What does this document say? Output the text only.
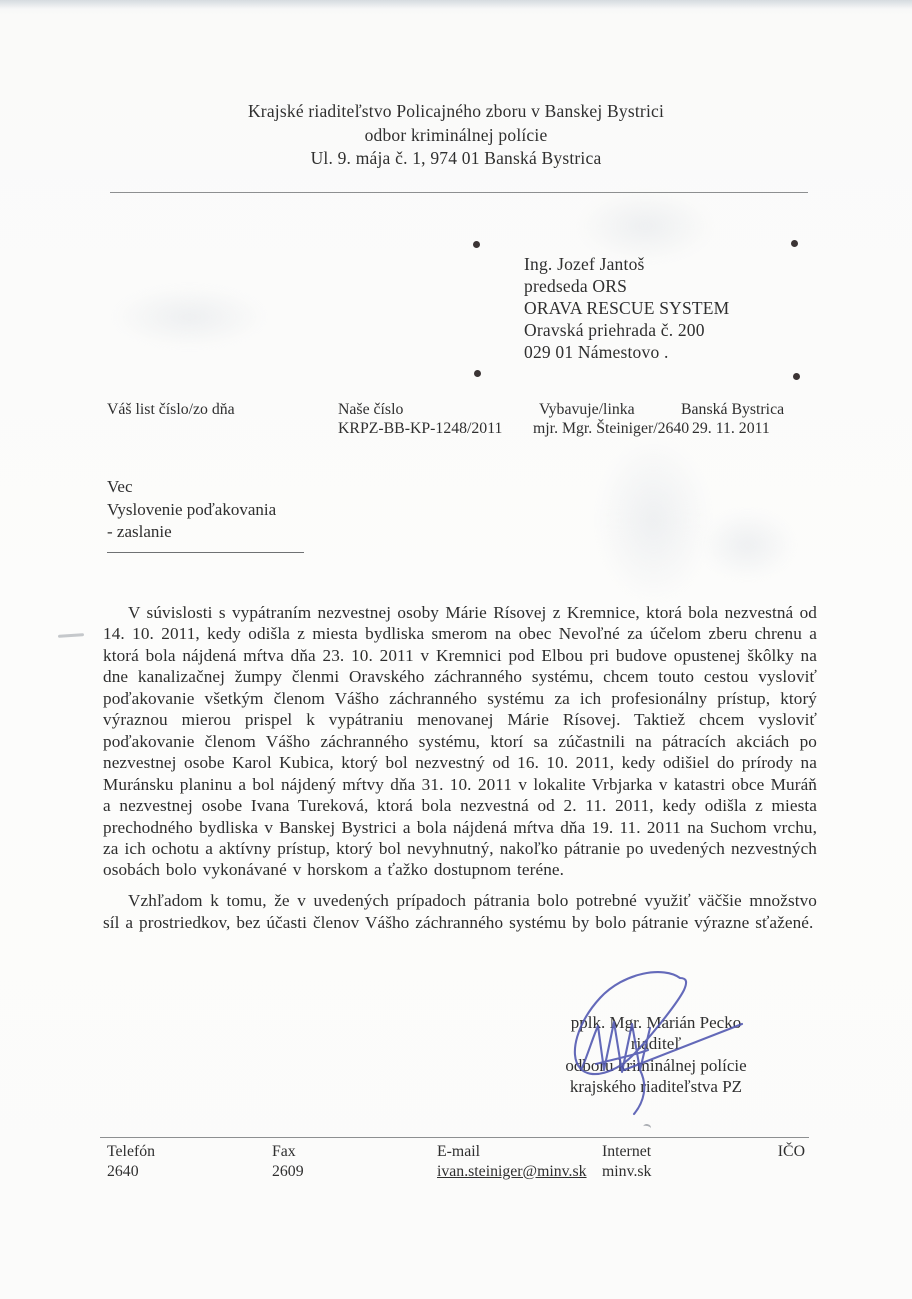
Krajské riaditeľstvo Policajného zboru v Banskej Bystrici
odbor kriminálnej polície
Ul. 9. mája č. 1, 974 01 Banská Bystrica
Ing. Jozef Jantoš
predseda ORS
ORAVA RESCUE SYSTEM
Oravská priehrada č. 200
029 01 Námestovo .
Váš list číslo/zo dňa	Naše číslo
KRPZ-BB-KP-1248/2011
Vybavuje/linka
mjr. Mgr. Šteiniger/2640
Banská Bystrica
29. 11. 2011
Vec
Vyslovenie poďakovania
- zaslanie

V súvislosti s vypátraním nezvestnej osoby Márie Rísovej z Kremnice, ktorá bola nezvestná od 14. 10. 2011, kedy odišla z miesta bydliska smerom na obec Nevoľné za účelom zberu chrenu a ktorá bola nájdená mŕtva dňa 23. 10. 2011 v Kremnici pod Elbou pri budove opustenej škôlky na dne kanalizačnej žumpy členmi Oravského záchranného systému, chcem touto cestou vysloviť poďakovanie všetkým členom Vášho záchranného systému za ich profesionálny prístup, ktorý výraznou mierou prispel k vypátraniu menovanej Márie Rísovej. Taktiež chcem vysloviť poďakovanie členom Vášho záchranného systému, ktorí sa zúčastnili na pátracích akciách po nezvestnej osobe Karol Kubica, ktorý bol nezvestný od 16. 10. 2011, kedy odišiel do prírody na Muránsku planinu a bol nájdený mŕtvy dňa 31. 10. 2011 v lokalite Vrbjarka v katastri obce Muráň a nezvestnej osobe Ivana Tureková, ktorá bola nezvestná od 2. 11. 2011, kedy odišla z miesta prechodného bydliska v Banskej Bystrici a bola nájdená mŕtva dňa 19. 11. 2011 na Suchom vrchu, za ich ochotu a aktívny prístup, ktorý bol nevyhnutný, nakoľko pátranie po uvedených nezvestných osobách bolo vykonávané v horskom a ťažko dostupnom teréne.

Vzhľadom k tomu, že v uvedených prípadoch pátrania bolo potrebné využiť väčšie množstvo síl a prostriedkov, bez účasti členov Vášho záchranného systému by bolo pátranie výrazne sťažené.

pplk. Mgr. Marián Pecko
riaditeľ
odboru kriminálnej polície
krajského riaditeľstva PZ
Telefón
2640
Fax
2609
E-mail
ivan.steiniger@minv.sk
Internet
minv.sk
IČO
